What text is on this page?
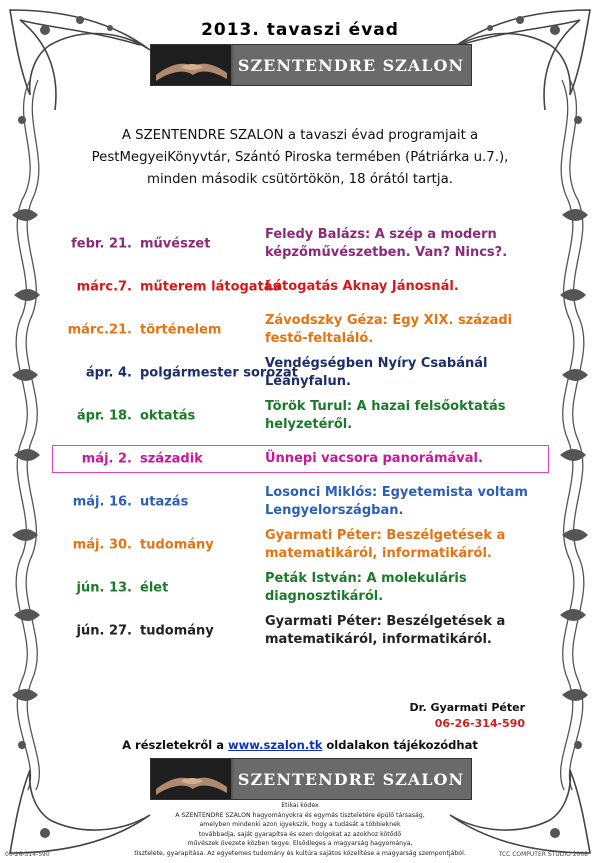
2013. tavaszi évad
SZENTENDRE SZALON
A SZENTENDRE SZALON a tavaszi évad programjait a
PestMegyeiKönyvtár, Szántó Piroska termében (Pátriárka u.7.),
minden második csütörtökön, 18 órától tartja.
febr. 21. művészet
Feledy Balázs: A szép a modern képzőművészetben. Van? Nincs?.
márc.7. műterem látogatás
Látogatás Aknay Jánosnál.
márc.21. történelem
Závodszky Géza: Egy XIX. századi festő-feltaláló.
ápr. 4. polgármester sorozat
Vendégségben Nyíry Csabánál Leányfalun.
ápr. 18. oktatás
Török Turul: A hazai felsőoktatás helyzetéről.
máj. 2. századik	Ünnepi vacsora panorámával.
máj. 16. utazás
Losonci Miklós: Egyetemista voltam Lengyelországban.
máj. 30. tudomány
Gyarmati Péter: Beszélgetések a matematikáról, informatikáról.
jún. 13. élet
Peták István: A molekuláris diagnosztikáról.
jún. 27. tudomány
Gyarmati Péter: Beszélgetések a matematikáról, informatikáról.
Dr. Gyarmati Péter
06-26-314-590
A részletekről a www.szalon.tk oldalakon tájékozódhat
SZENTENDRE SZALON
Etikai kódex
A SZENTENDRE SZALON hagyományokra és egymás tiszteletére épülő társaság,
amelyben mindenki azon igyekszik, hogy a tudását a többieknek
továbbadja, saját gyarapítsa és ezen dolgokat az azokhoz kötődő
művészek övezete közben tegye. Elsődleges a magyarság hagyománya,
tisztelete, gyarapítása. Az egyetemes tudomány és kultúra sajátos közelítése a magyarság szempontjából.
06-26-314-590	TCC COMPUTER STUDIO 2008
